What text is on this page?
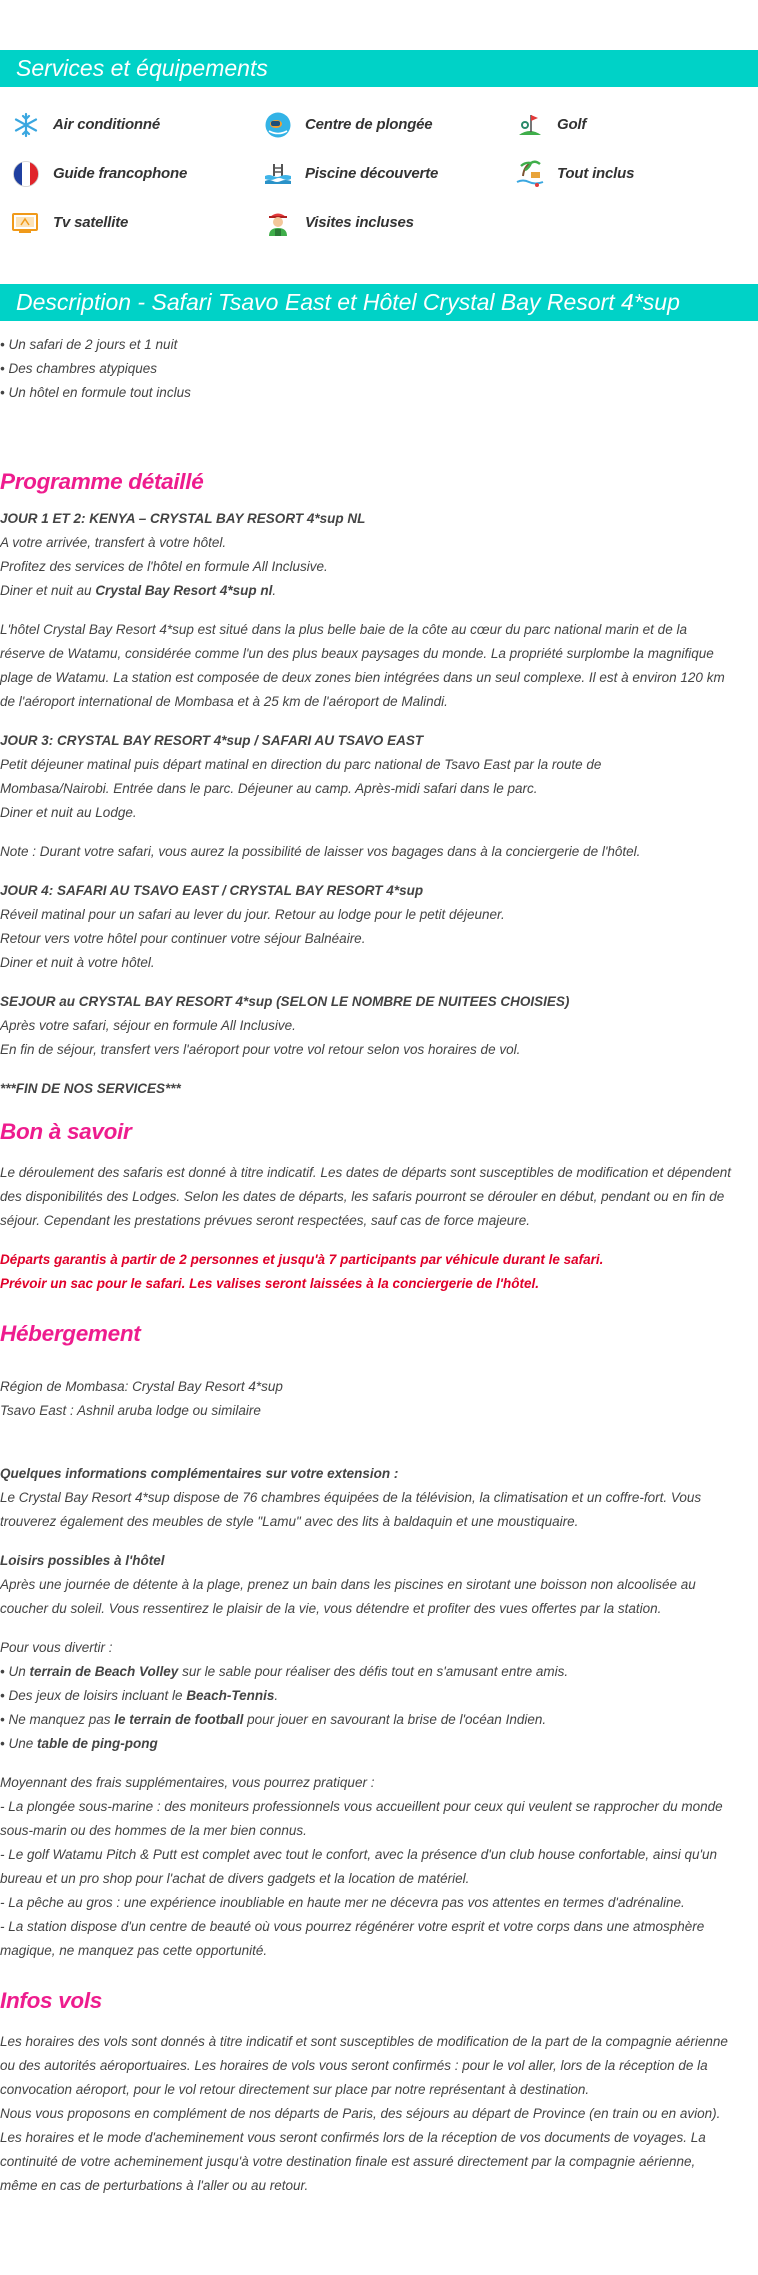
Services et équipements
Air conditionné	Centre de plongée	Golf
Guide francophone	Piscine découverte	Tout inclus
Tv satellite	Visites incluses
Description - Safari Tsavo East et Hôtel Crystal Bay Resort 4*sup
• Un safari de 2 jours et 1 nuit
• Des chambres atypiques
• Un hôtel en formule tout inclus
Programme détaillé
JOUR 1 ET 2: KENYA – CRYSTAL BAY RESORT 4*sup NL
A votre arrivée, transfert à votre hôtel.
Profitez des services de l'hôtel en formule All Inclusive.
Diner et nuit au Crystal Bay Resort 4*sup nl.
L'hôtel Crystal Bay Resort 4*sup est situé dans la plus belle baie de la côte au cœur du parc national marin et de la
réserve de Watamu, considérée comme l'un des plus beaux paysages du monde. La propriété surplombe la magnifique
plage de Watamu. La station est composée de deux zones bien intégrées dans un seul complexe. Il est à environ 120 km
de l'aéroport international de Mombasa et à 25 km de l'aéroport de Malindi.
JOUR 3: CRYSTAL BAY RESORT 4*sup / SAFARI AU TSAVO EAST
Petit déjeuner matinal puis départ matinal en direction du parc national de Tsavo East par la route de
Mombasa/Nairobi. Entrée dans le parc. Déjeuner au camp. Après-midi safari dans le parc.
Diner et nuit au Lodge.
Note : Durant votre safari, vous aurez la possibilité de laisser vos bagages dans à la conciergerie de l'hôtel.
JOUR 4: SAFARI AU TSAVO EAST / CRYSTAL BAY RESORT 4*sup
Réveil matinal pour un safari au lever du jour. Retour au lodge pour le petit déjeuner.
Retour vers votre hôtel pour continuer votre séjour Balnéaire.
Diner et nuit à votre hôtel.
SEJOUR au CRYSTAL BAY RESORT 4*sup (SELON LE NOMBRE DE NUITEES CHOISIES)
Après votre safari, séjour en formule All Inclusive.
En fin de séjour, transfert vers l'aéroport pour votre vol retour selon vos horaires de vol.
***FIN DE NOS SERVICES***
Bon à savoir
Le déroulement des safaris est donné à titre indicatif. Les dates de départs sont susceptibles de modification et dépendent
des disponibilités des Lodges. Selon les dates de départs, les safaris pourront se dérouler en début, pendant ou en fin de
séjour. Cependant les prestations prévues seront respectées, sauf cas de force majeure.
Départs garantis à partir de 2 personnes et jusqu'à 7 participants par véhicule durant le safari.
Prévoir un sac pour le safari. Les valises seront laissées à la conciergerie de l'hôtel.
Hébergement
Région de Mombasa: Crystal Bay Resort 4*sup
Tsavo East : Ashnil aruba lodge ou similaire
Quelques informations complémentaires sur votre extension :
Le Crystal Bay Resort 4*sup dispose de 76 chambres équipées de la télévision, la climatisation et un coffre-fort. Vous
trouverez également des meubles de style "Lamu" avec des lits à baldaquin et une moustiquaire.
Loisirs possibles à l'hôtel
Après une journée de détente à la plage, prenez un bain dans les piscines en sirotant une boisson non alcoolisée au
coucher du soleil. Vous ressentirez le plaisir de la vie, vous détendre et profiter des vues offertes par la station.
Pour vous divertir :
• Un terrain de Beach Volley sur le sable pour réaliser des défis tout en s'amusant entre amis.
• Des jeux de loisirs incluant le Beach-Tennis.
• Ne manquez pas le terrain de football pour jouer en savourant la brise de l'océan Indien.
• Une table de ping-pong
Moyennant des frais supplémentaires, vous pourrez pratiquer :
- La plongée sous-marine : des moniteurs professionnels vous accueillent pour ceux qui veulent se rapprocher du monde
sous-marin ou des hommes de la mer bien connus.
- Le golf Watamu Pitch & Putt est complet avec tout le confort, avec la présence d'un club house confortable, ainsi qu'un
bureau et un pro shop pour l'achat de divers gadgets et la location de matériel.
- La pêche au gros : une expérience inoubliable en haute mer ne décevra pas vos attentes en termes d'adrénaline.
- La station dispose d'un centre de beauté où vous pourrez régénérer votre esprit et votre corps dans une atmosphère
magique, ne manquez pas cette opportunité.
Infos vols
Les horaires des vols sont donnés à titre indicatif et sont susceptibles de modification de la part de la compagnie aérienne
ou des autorités aéroportuaires. Les horaires de vols vous seront confirmés : pour le vol aller, lors de la réception de la
convocation aéroport, pour le vol retour directement sur place par notre représentant à destination.
Nous vous proposons en complément de nos départs de Paris, des séjours au départ de Province (en train ou en avion).
Les horaires et le mode d'acheminement vous seront confirmés lors de la réception de vos documents de voyages. La
continuité de votre acheminement jusqu'à votre destination finale est assuré directement par la compagnie aérienne,
même en cas de perturbations à l'aller ou au retour.
